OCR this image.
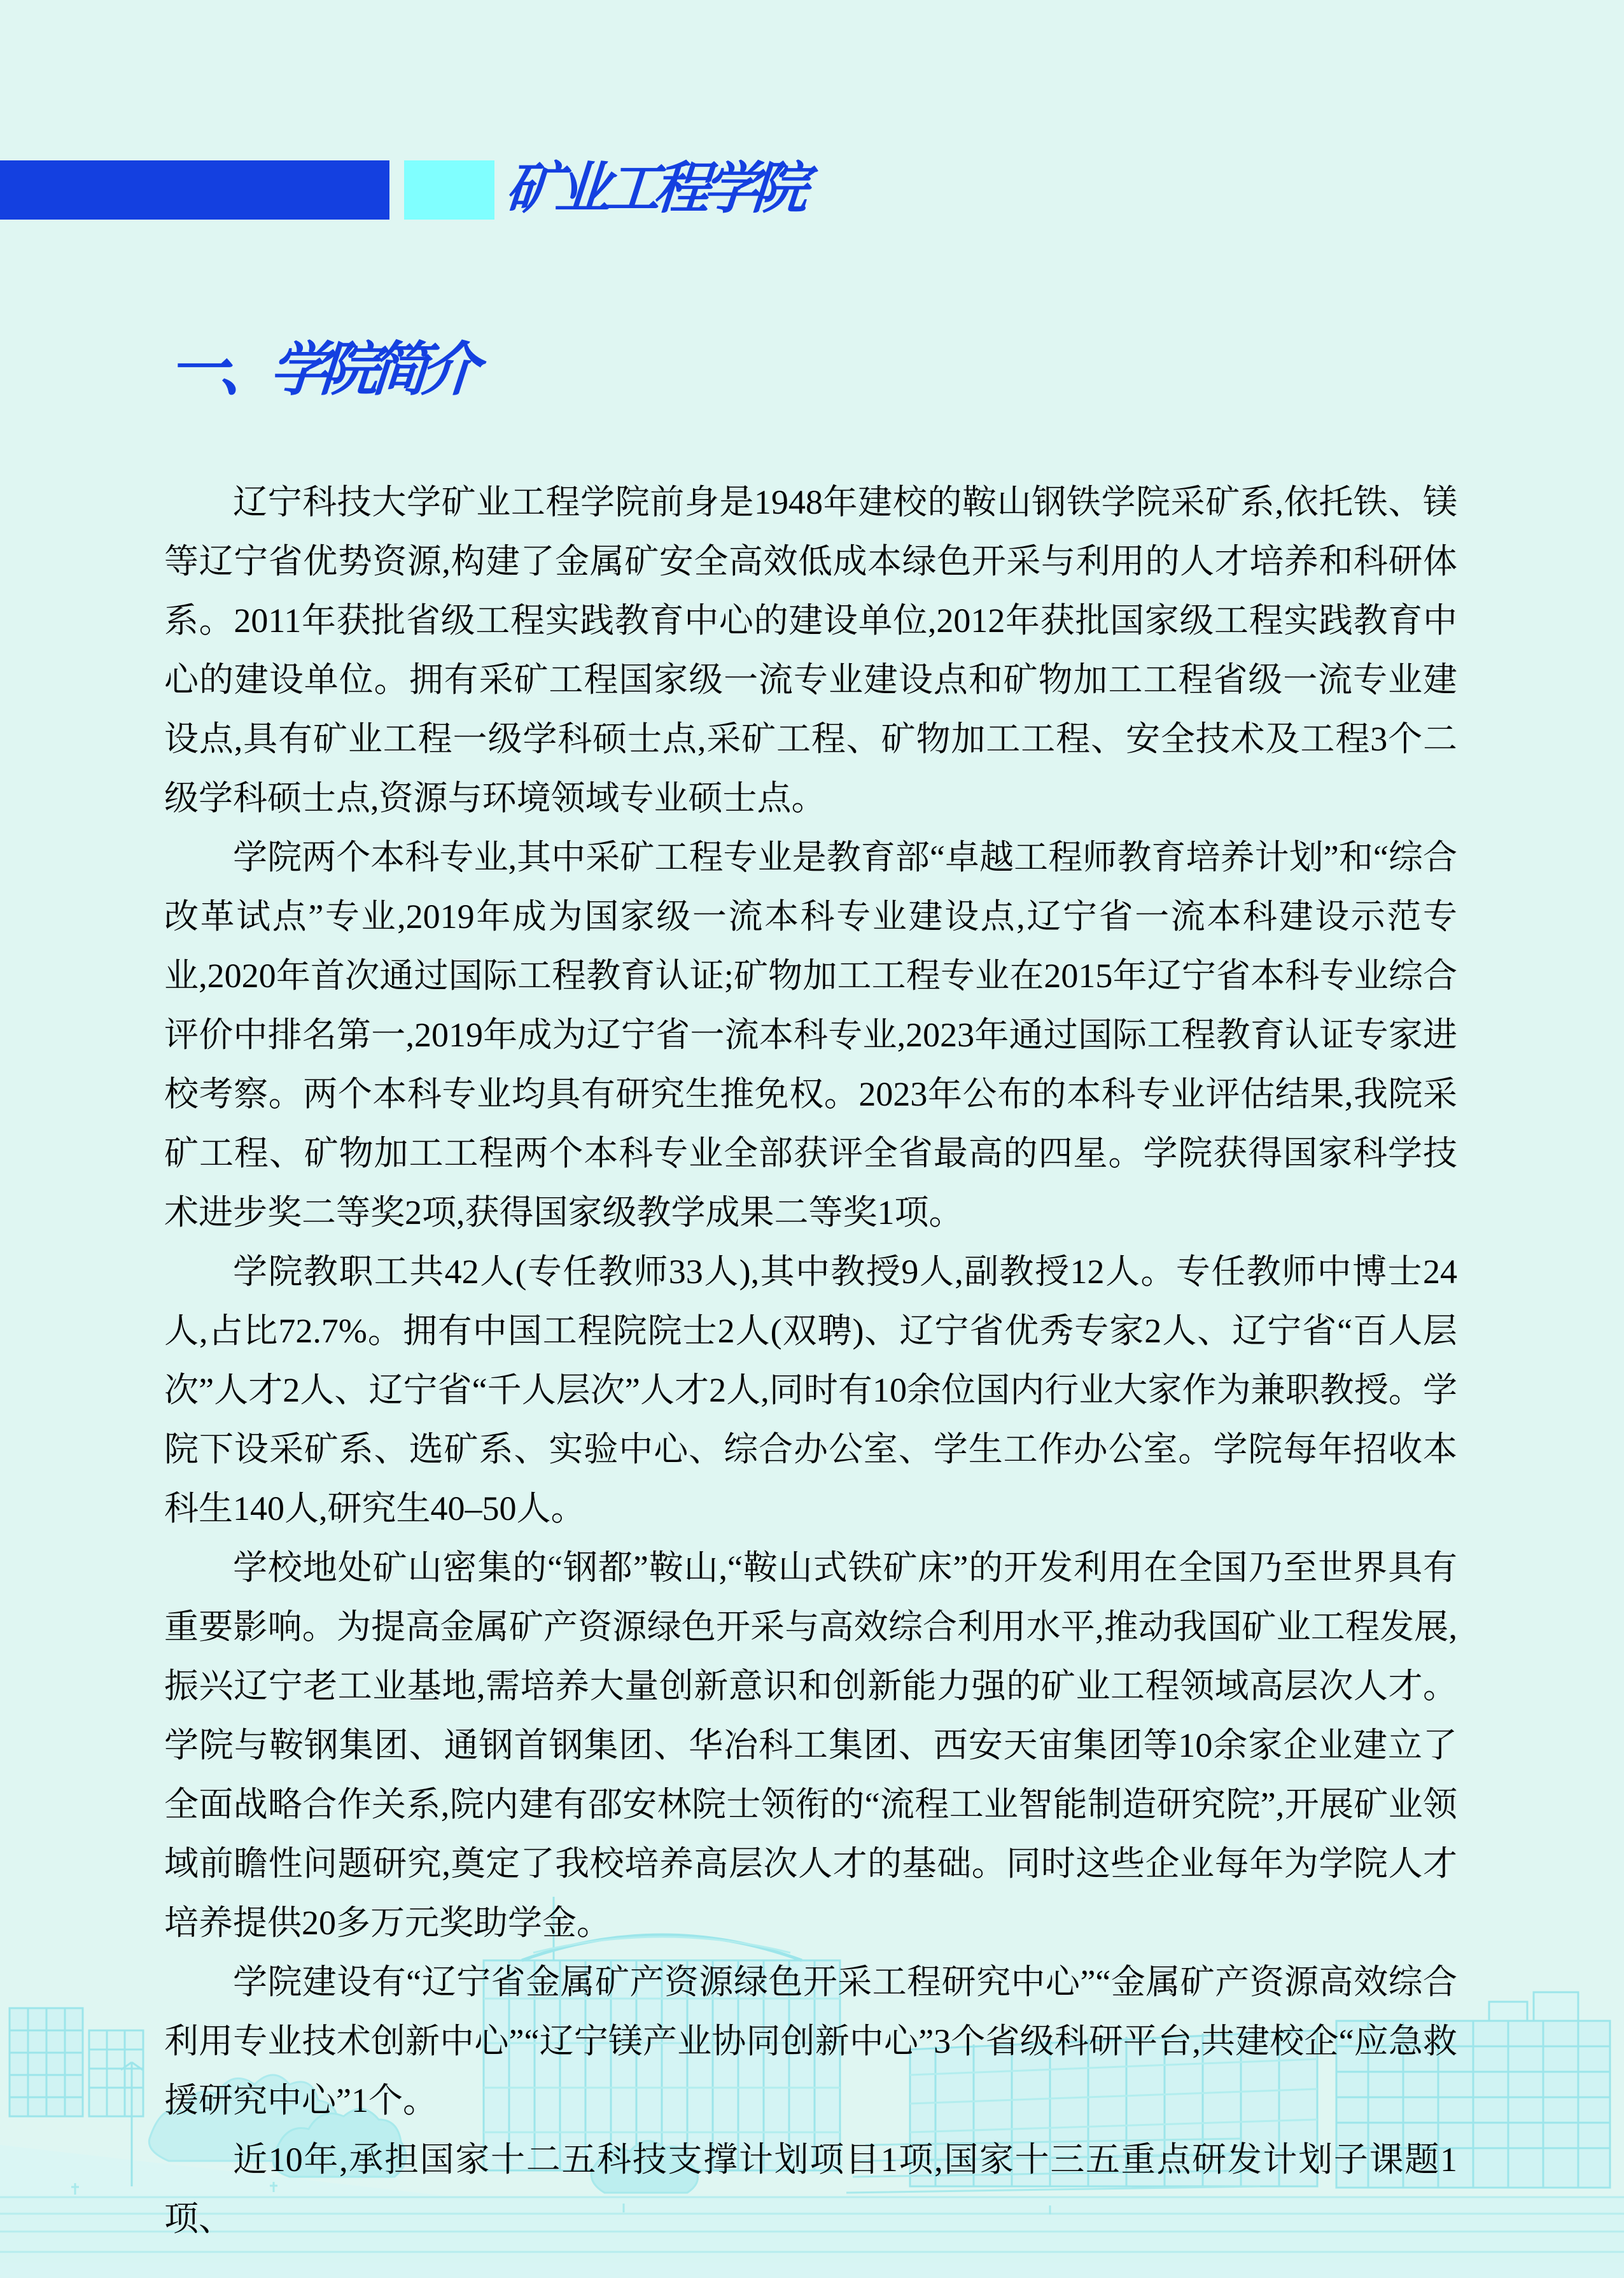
矿业工程学院
一、学院简介

辽宁科技大学矿业工程学院前身是1948年建校的鞍山钢铁学院采矿系,依托铁、镁等辽宁省优势资源,构建了金属矿安全高效低成本绿色开采与利用的人才培养和科研体系。2011年获批省级工程实践教育中心的建设单位,2012年获批国家级工程实践教育中心的建设单位。拥有采矿工程国家级一流专业建设点和矿物加工工程省级一流专业建设点,具有矿业工程一级学科硕士点,采矿工程、矿物加工工程、安全技术及工程3个二级学科硕士点,资源与环境领域专业硕士点。

学院两个本科专业,其中采矿工程专业是教育部“卓越工程师教育培养计划”和“综合改革试点”专业,2019年成为国家级一流本科专业建设点,辽宁省一流本科建设示范专业,2020年首次通过国际工程教育认证;矿物加工工程专业在2015年辽宁省本科专业综合评价中排名第一,2019年成为辽宁省一流本科专业,2023年通过国际工程教育认证专家进校考察。两个本科专业均具有研究生推免权。2023年公布的本科专业评估结果,我院采矿工程、矿物加工工程两个本科专业全部获评全省最高的四星。学院获得国家科学技术进步奖二等奖2项,获得国家级教学成果二等奖1项。

学院教职工共42人(专任教师33人),其中教授9人,副教授12人。专任教师中博士24人,占比72.7%。拥有中国工程院院士2人(双聘)、辽宁省优秀专家2人、辽宁省“百人层次”人才2人、辽宁省“千人层次”人才2人,同时有10余位国内行业大家作为兼职教授。学院下设采矿系、选矿系、实验中心、综合办公室、学生工作办公室。学院每年招收本科生140人,研究生40–50人。

学校地处矿山密集的“钢都”鞍山,“鞍山式铁矿床”的开发利用在全国乃至世界具有重要影响。为提高金属矿产资源绿色开采与高效综合利用水平,推动我国矿业工程发展,振兴辽宁老工业基地,需培养大量创新意识和创新能力强的矿业工程领域高层次人才。学院与鞍钢集团、通钢首钢集团、华冶科工集团、西安天宙集团等10余家企业建立了全面战略合作关系,院内建有邵安林院士领衔的“流程工业智能制造研究院”,开展矿业领域前瞻性问题研究,奠定了我校培养高层次人才的基础。同时这些企业每年为学院人才培养提供20多万元奖助学金。

学院建设有“辽宁省金属矿产资源绿色开采工程研究中心”“金属矿产资源高效综合利用专业技术创新中心”“辽宁镁产业协同创新中心”3个省级科研平台,共建校企“应急救援研究中心”1个。

近10年,承担国家十二五科技支撑计划项目1项,国家十三五重点研发计划子课题1项、
